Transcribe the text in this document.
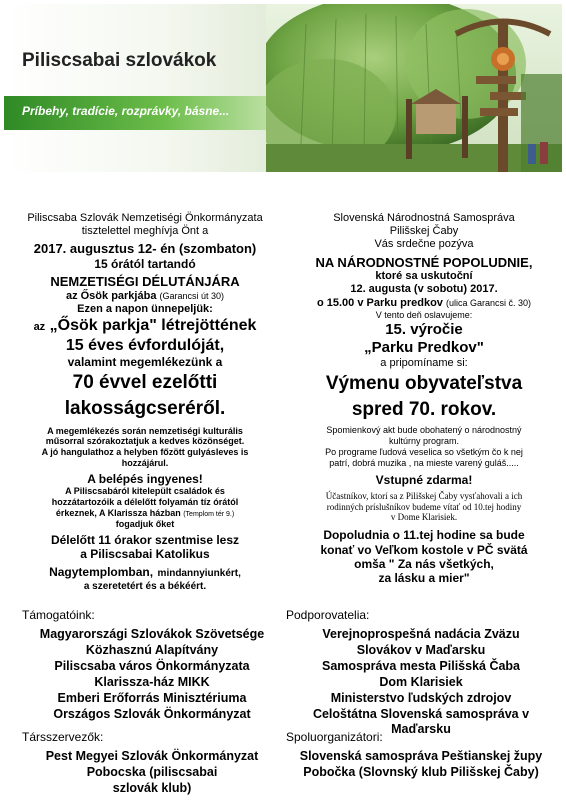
Piliscsabai szlovákok
Príbehy, tradície, rozprávky, básne...
Piliscsaba Szlovák Nemzetiségi Önkormányzata
tisztelettel meghívja Önt a
2017. augusztus 12- én (szombaton)
15 órától tartandó
NEMZETISÉGI DÉLUTÁNJÁRA
az Ősök parkjába (Garancsi út 30)
Ezen a napon ünnepeljük:
az „Ősök parkja" létrejöttének
15 éves évfordulóját,
valamint megemlékezünk a
70 évvel ezelőtti
lakosságcseréről.
A megemlékezés során nemzetiségi kulturális
műsorral szórakoztatjuk a kedves közönséget.
A jó hangulathoz a helyben főzött gulyásleves is
hozzájárul.
A belépés ingyenes!
A Piliscsabáról kitelepült családok és
hozzátartozóik a délelőtt folyamán tíz órától
érkeznek, A Klarissza házban (Templom tér 9.)
fogadjuk őket
Délelőtt 11 órakor szentmise lesz
a Piliscsabai Katolikus
Nagytemplomban, mindannyiunkért,
a szeretetért és a békéért.
Slovenská Národnostná Samospráva
Pilišskej Čaby
Vás srdečne pozýva
NA NÁRODNOSTNÉ POPOLUDNIE,
ktoré sa uskutoční
12. augusta (v sobotu) 2017.
o 15.00 v Parku predkov (ulica Garancsi č. 30)
V tento deň oslavujeme:
15. výročie
„Parku Predkov"
a pripomíname si:
Výmenu obyvateľstva
spred 70. rokov.
Spomienkový akt bude obohatený o národnostný
kultúrny program.
Po programe ľudová veselica so všetkým čo k nej
patrí, dobrá muzika , na mieste varený guláš.....
Vstupné zdarma!
Účastníkov, ktorí sa z Pilišskej Čaby vysťahovali a ich
rodinných príslušníkov budeme vítať od 10.tej hodiny
v Dome Klarisiek.
Dopoludnia o 11.tej hodine sa bude
konať vo Veľkom kostole v PČ svätá
omša " Za nás všetkých,
za lásku a mier"
Támogatóink:
Magyarországi Szlovákok Szövetsége
Közhasznú Alapítvány
Piliscsaba város Önkormányzata
Klarissza-ház MIKK
Emberi Erőforrás Minisztériuma
Országos Szlovák Önkormányzat
Társszervezők:
Pest Megyei Szlovák Önkormányzat
Pobocska (piliscsabai
szlovák klub)
Podporovatelia:
Verejnoprospešná nadácia Zväzu
Slovákov v Maďarsku
Samospráva mesta Pilišská Čaba
Dom Klarisiek
Ministerstvo ľudských zdrojov
Celoštátna Slovenská samospráva v
Maďarsku
Spoluorganizátori:
Slovenská samospráva Peštianskej župy
Pobočka (Slovnský klub Pilišskej Čaby)
